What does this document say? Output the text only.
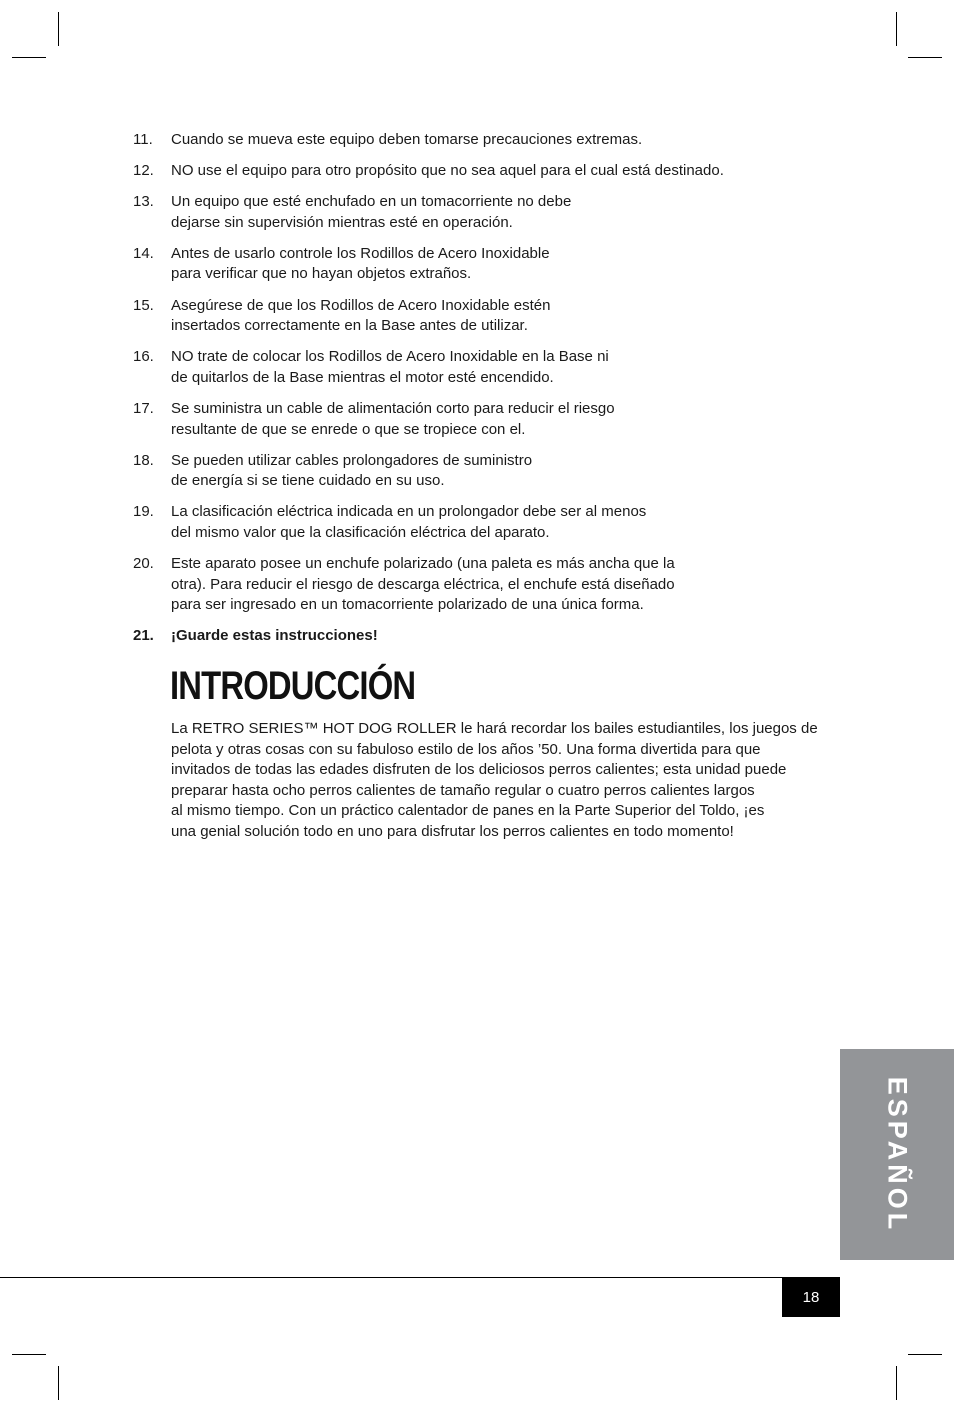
11.	Cuando se mueva este equipo deben tomarse precauciones extremas.
12.	NO use el equipo para otro propósito que no sea aquel para el cual está destinado.
13.	Un equipo que esté enchufado en un tomacorriente no debe
dejarse sin supervisión mientras esté en operación.
14.	Antes de usarlo controle los Rodillos de Acero Inoxidable
para verificar que no hayan objetos extraños.
15.	Asegúrese de que los Rodillos de Acero Inoxidable estén
insertados correctamente en la Base antes de utilizar.
16.	NO trate de colocar los Rodillos de Acero Inoxidable en la Base ni
de quitarlos de la Base mientras el motor esté encendido.
17.	Se suministra un cable de alimentación corto para reducir el riesgo
resultante de que se enrede o que se tropiece con el.
18.	Se pueden utilizar cables prolongadores de suministro
de energía si se tiene cuidado en su uso.
19.	La clasificación eléctrica indicada en un prolongador debe ser al menos
del mismo valor que la clasificación eléctrica del aparato.
20.	Este aparato posee un enchufe polarizado (una paleta es más ancha que la
otra). Para reducir el riesgo de descarga eléctrica, el enchufe está diseñado
para ser ingresado en un tomacorriente polarizado de una única forma.
21.	¡Guarde estas instrucciones!
INTRODUCCIÓN

La RETRO SERIES™ HOT DOG ROLLER le hará recordar los bailes estudiantiles, los juegos de
pelota y otras cosas con su fabuloso estilo de los años ’50. Una forma divertida para que
invitados de todas las edades disfruten de los deliciosos perros calientes; esta unidad puede
preparar hasta ocho perros calientes de tamaño regular o cuatro perros calientes largos
al mismo tiempo. Con un práctico calentador de panes en la Parte Superior del Toldo, ¡es
una genial solución todo en uno para disfrutar los perros calientes en todo momento!

ESPAÑOL
18
